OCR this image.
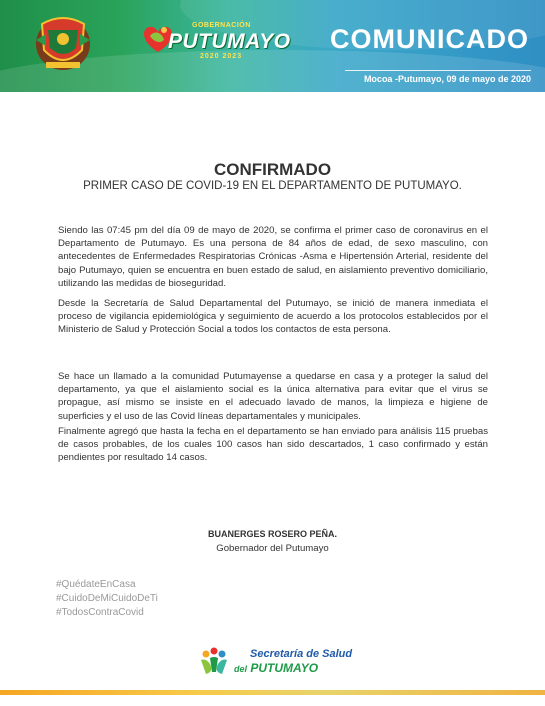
GOBERNACIÓN
PUTUMAYO
2020 2023
COMUNICADO
Mocoa -Putumayo, 09 de mayo de 2020
CONFIRMADO
PRIMER CASO DE COVID-19 EN EL DEPARTAMENTO DE PUTUMAYO.
Siendo las 07:45 pm del día 09 de mayo de 2020, se confirma el primer caso de coronavirus en el Departamento de Putumayo. Es una persona de 84 años de edad, de sexo masculino, con antecedentes de Enfermedades Respiratorias Crónicas -Asma e Hipertensión Arterial, residente del bajo Putumayo, quien se encuentra en buen estado de salud, en aislamiento preventivo domiciliario, utilizando las medidas de bioseguridad.
Desde la Secretaría de Salud Departamental del Putumayo, se inició de manera inmediata el proceso de vigilancia epidemiológica y seguimiento de acuerdo a los protocolos establecidos por el Ministerio de Salud y Protección Social a todos los contactos de esta persona.
Se hace un llamado a la comunidad Putumayense a quedarse en casa y a proteger la salud del departamento, ya que el aislamiento social es la única alternativa para evitar que el virus se propague, así mismo se insiste en el adecuado lavado de manos, la limpieza e higiene de superficies y el uso de las Covid líneas departamentales y municipales.
Finalmente agregó que hasta la fecha en el departamento se han enviado para análisis 115 pruebas de casos probables, de los cuales 100 casos han sido descartados, 1 caso confirmado y están pendientes por resultado 14 casos.
BUANERGES ROSERO PEÑA.
Gobernador del Putumayo
#QuédateEnCasa
#CuidoDeMiCuidoDeTi
#TodosContraCovid
Secretaría de Salud
del PUTUMAYO
